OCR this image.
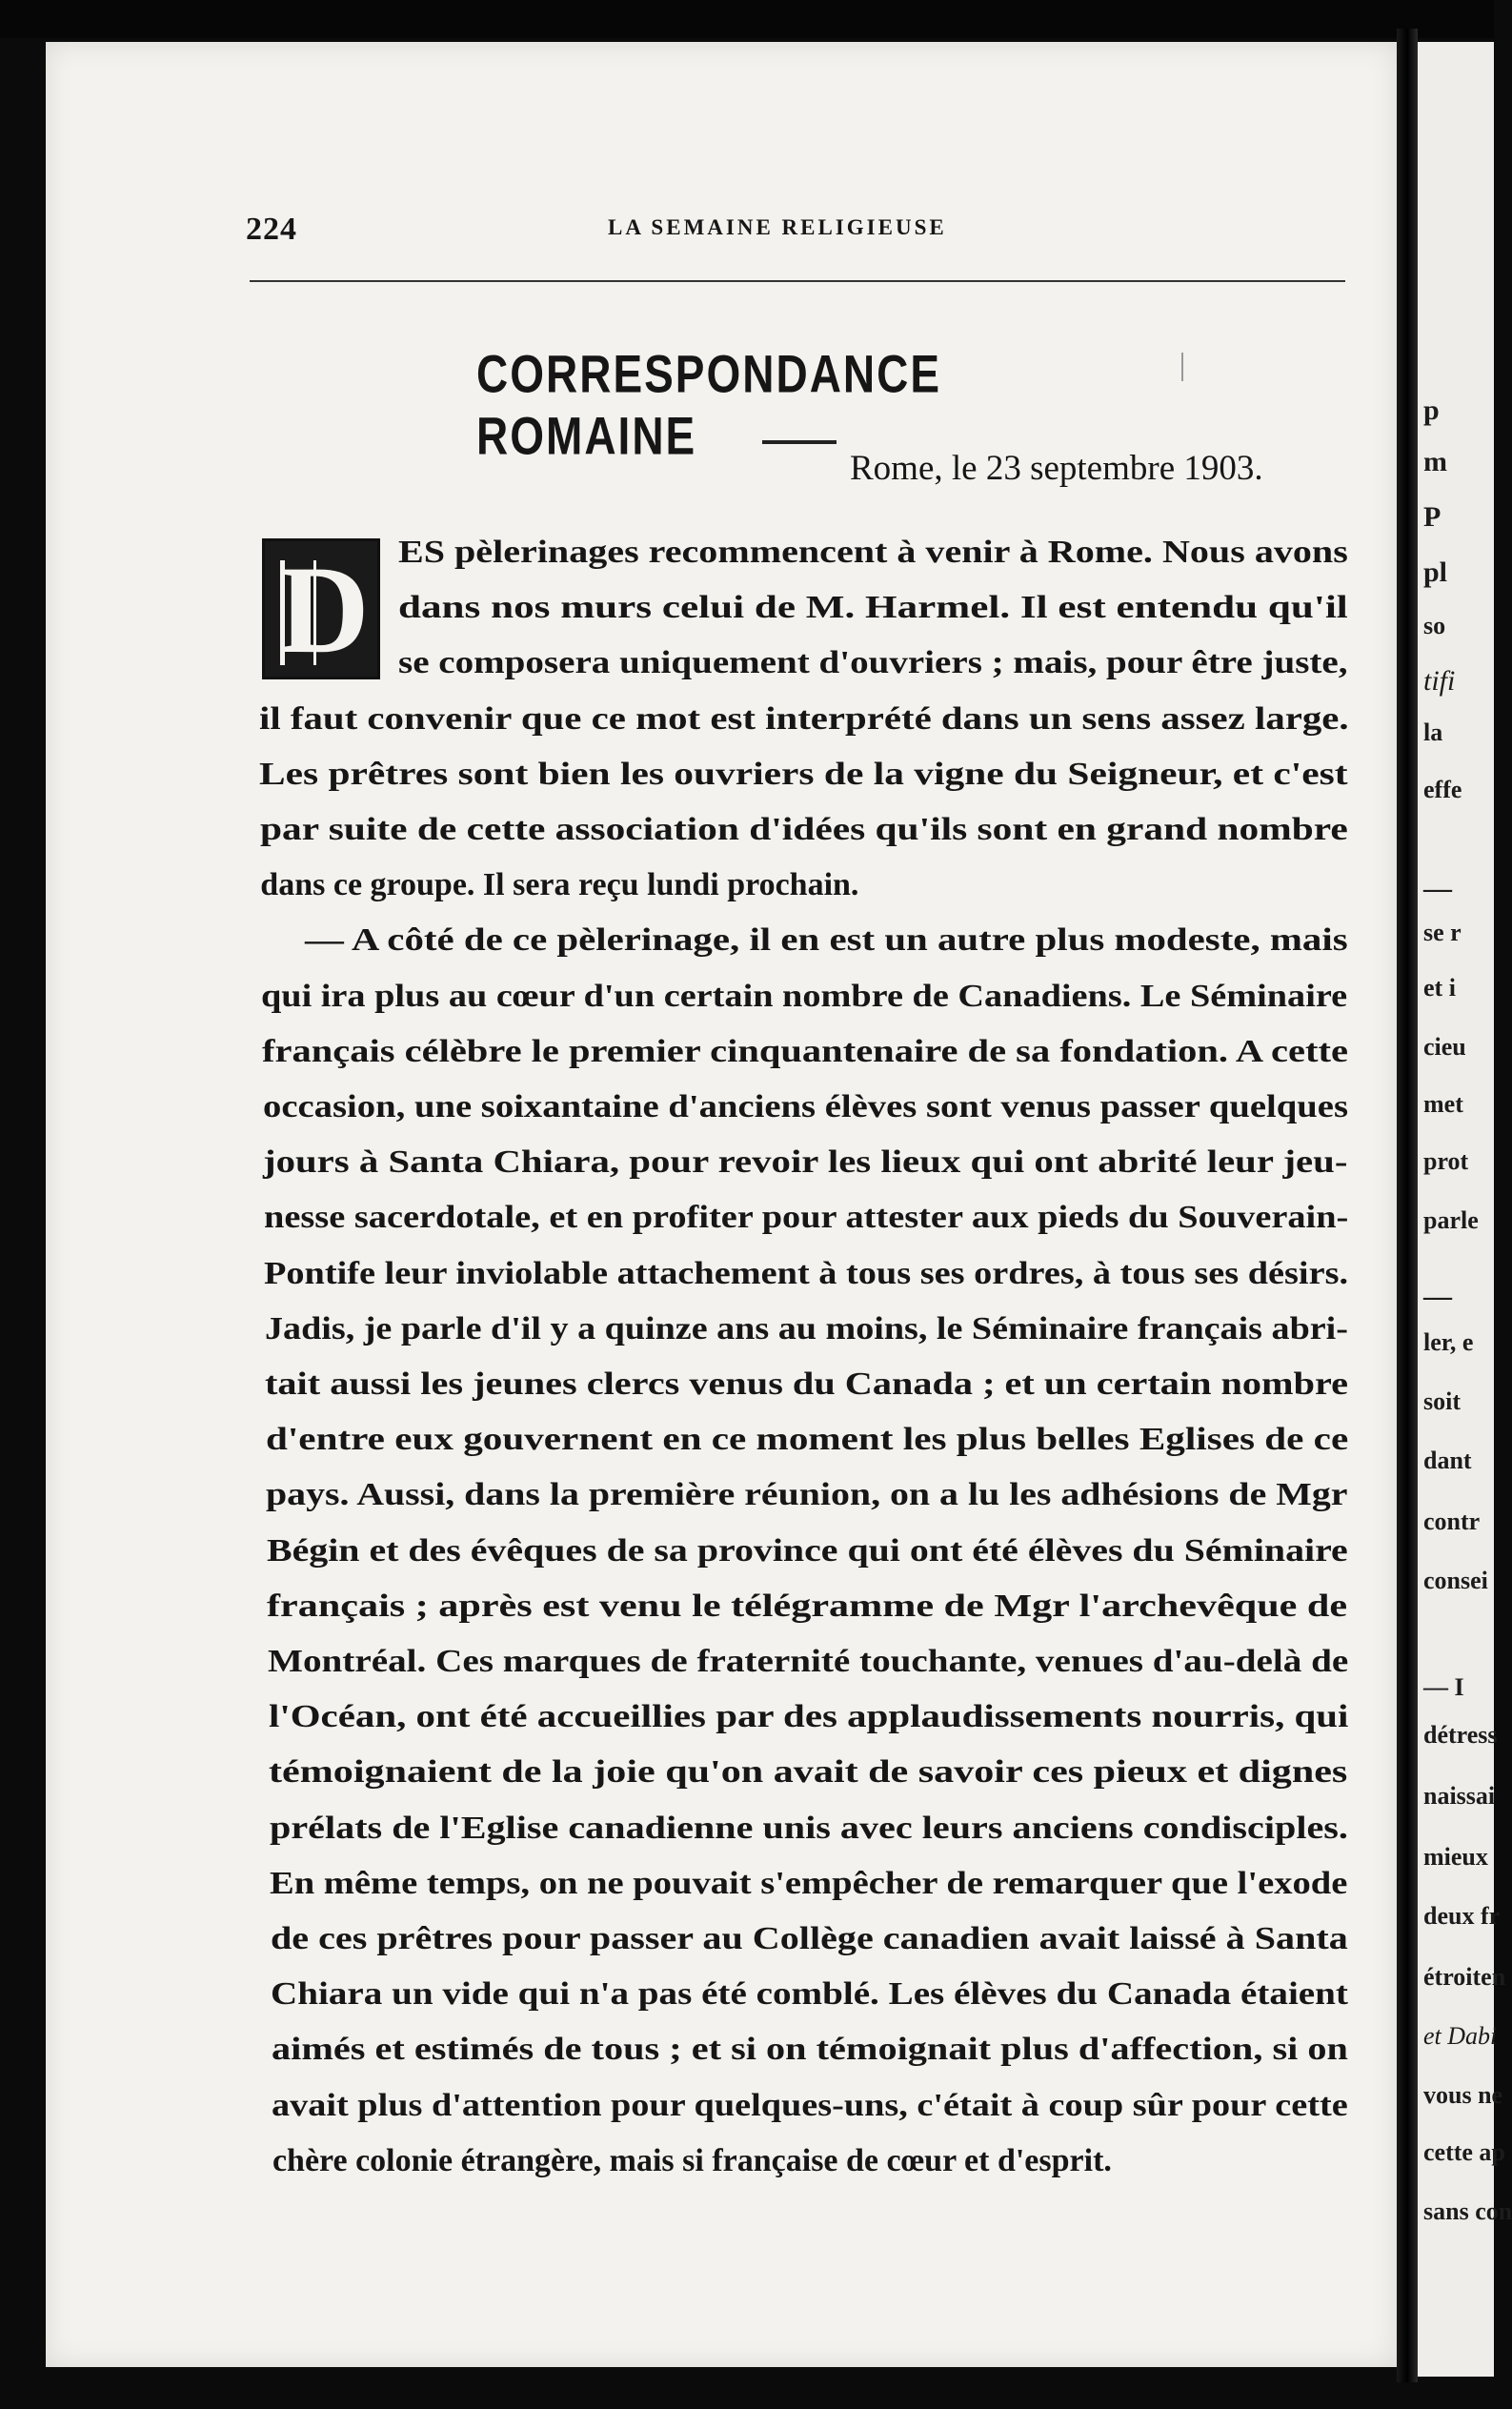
p
m
P
pl
so
tifi
la
effe
—
se r
et i
cieu
met
prot
parle
—
ler, e
soit
dant
contr
consei
— I
détress
naissai
mieux
deux fr
étroiten
et Dabi
vous ne
cette ap
sans con
224	LA SEMAINE RELIGIEUSE
CORRESPONDANCE ROMAINE
Rome, le 23 septembre 1903.
D ES pèlerinages recommencent à venir à Rome. Nous avons
dans nos murs celui de M. Harmel. Il est entendu qu'il
se composera uniquement d'ouvriers ; mais, pour être juste,
il faut convenir que ce mot est interprété dans un sens assez large.
Les prêtres sont bien les ouvriers de la vigne du Seigneur, et c'est
par suite de cette association d'idées qu'ils sont en grand nombre
dans ce groupe. Il sera reçu lundi prochain.
— A côté de ce pèlerinage, il en est un autre plus modeste, mais
qui ira plus au cœur d'un certain nombre de Canadiens. Le Séminaire
français célèbre le premier cinquantenaire de sa fondation. A cette
occasion, une soixantaine d'anciens élèves sont venus passer quelques
jours à Santa Chiara, pour revoir les lieux qui ont abrité leur jeu-
nesse sacerdotale, et en profiter pour attester aux pieds du Souverain-
Pontife leur inviolable attachement à tous ses ordres, à tous ses désirs.
Jadis, je parle d'il y a quinze ans au moins, le Séminaire français abri-
tait aussi les jeunes clercs venus du Canada ; et un certain nombre
d'entre eux gouvernent en ce moment les plus belles Eglises de ce
pays. Aussi, dans la première réunion, on a lu les adhésions de Mgr
Bégin et des évêques de sa province qui ont été élèves du Séminaire
français ; après est venu le télégramme de Mgr l'archevêque de
Montréal. Ces marques de fraternité touchante, venues d'au-delà de
l'Océan, ont été accueillies par des applaudissements nourris, qui
témoignaient de la joie qu'on avait de savoir ces pieux et dignes
prélats de l'Eglise canadienne unis avec leurs anciens condisciples.
En même temps, on ne pouvait s'empêcher de remarquer que l'exode
de ces prêtres pour passer au Collège canadien avait laissé à Santa
Chiara un vide qui n'a pas été comblé. Les élèves du Canada étaient
aimés et estimés de tous ; et si on témoignait plus d'affection, si on
avait plus d'attention pour quelques-uns, c'était à coup sûr pour cette
chère colonie étrangère, mais si française de cœur et d'esprit.
